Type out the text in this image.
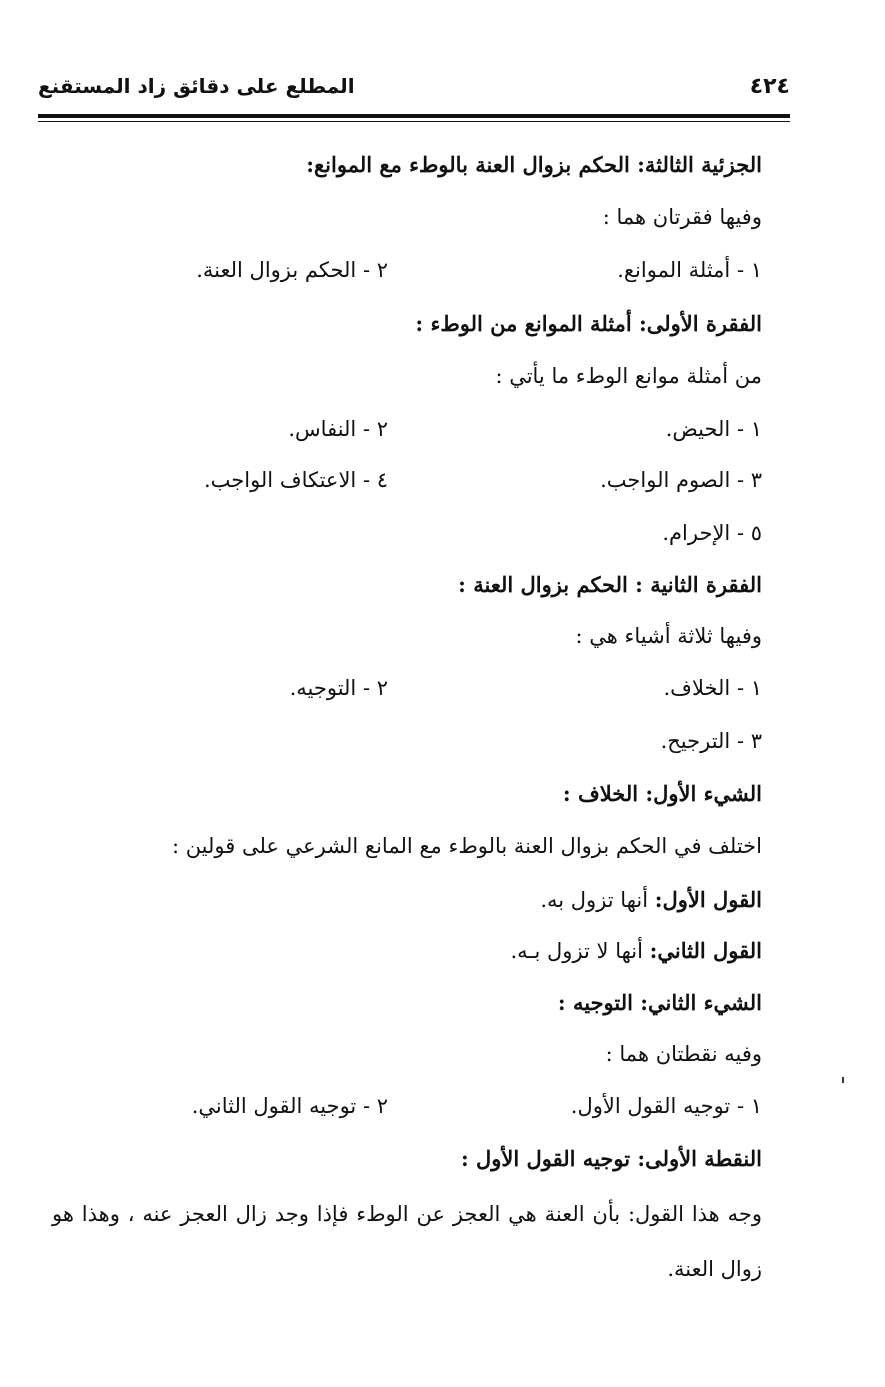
٤٢٤
المطلع على دقائق زاد المستقنع
الجزئية الثالثة: الحكم بزوال العنة بالوطء مع الموانع:
وفيها فقرتان هما :
١ - أمثلة الموانع.
٢ - الحكم بزوال العنة.
الفقرة الأولى: أمثلة الموانع من الوطء :
من أمثلة موانع الوطء ما يأتي :
١ - الحيض.
٢ - النفاس.
٣ - الصوم الواجب.
٤ - الاعتكاف الواجب.
٥ - الإحرام.
الفقرة الثانية : الحكم بزوال العنة :
وفيها ثلاثة أشياء هي :
١ - الخلاف.
٢ - التوجيه.
٣ - الترجيح.
الشيء الأول: الخلاف :
اختلف في الحكم بزوال العنة بالوطء مع المانع الشرعي على قولين :
القول الأول: أنها تزول به.
القول الثاني: أنها لا تزول بـه.
الشيء الثاني: التوجيه :
وفيه نقطتان هما :
١ - توجيه القول الأول.
٢ - توجيه القول الثاني.
النقطة الأولى: توجيه القول الأول :
وجه هذا القول: بأن العنة هي العجز عن الوطء فإذا وجد زال العجز عنه ، وهذا هو زوال العنة.
